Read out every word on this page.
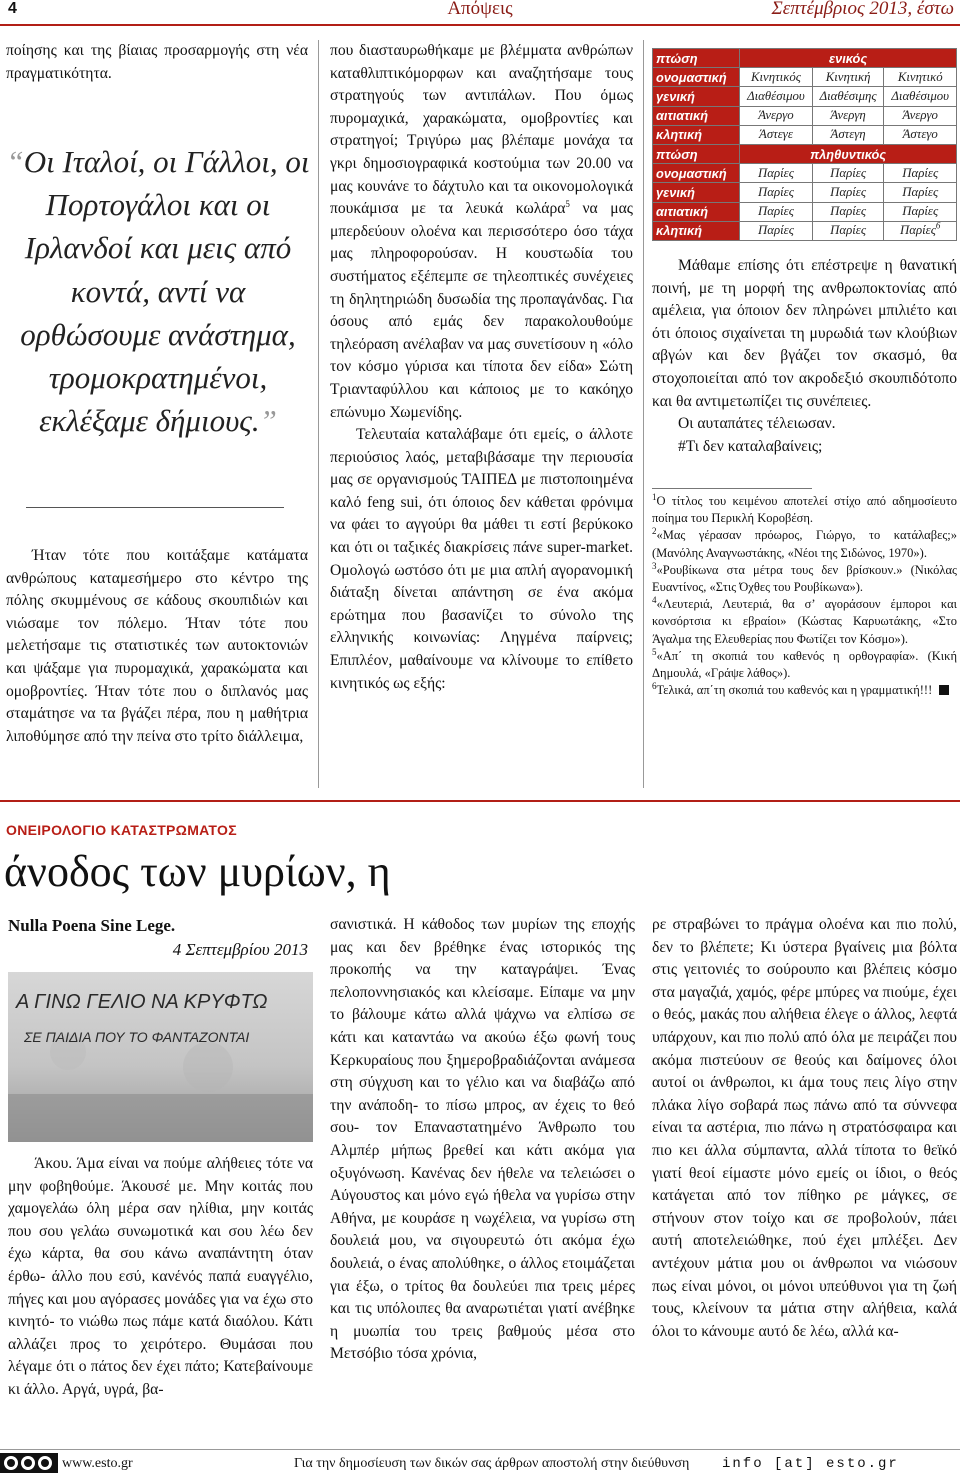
4	Απόψεις	Σεπτέμβριος 2013, έστω

ποίησης και της βίαιας προσαρμογής στη νέα πραγματικότητα.

“Οι Ιταλοί, οι Γάλλοι, οι Πορτογάλοι και οι Ιρλανδοί και μεις από κοντά, αντί να ορθώσουμε ανάστημα, τρομοκρατημένοι, εκλέξαμε δήμιους.”

Ήταν τότε που κοιτάξαμε κατάματα ανθρώπους καταμεσήμερο στο κέντρο της πόλης σκυμμένους σε κάδους σκουπιδιών και νιώσαμε τον πόλεμο. Ήταν τότε που μελετήσαμε τις στατιστικές των αυτοκτονιών και ψάξαμε για πυρομαχικά, χαρακώματα και ομοβροντίες. Ήταν τότε που ο διπλανός μας σταμάτησε να τα βγάζει πέρα, που η μαθήτρια λιποθύμησε από την πείνα στο τρίτο διάλλειμα,

που διασταυρωθήκαμε με βλέμματα ανθρώπων καταθλιπτικόμορφων και αναζητήσαμε τους στρατηγούς των αντιπάλων. Που όμως πυρομαχικά, χαρακώματα, ομοβροντίες και στρατηγοί; Τριγύρω μας βλέπαμε μονάχα τα γκρι δημοσιογραφικά κοστούμια των 20.00 να μας κουνάνε το δάχτυλο και τα οικονομολογικά πουκάμισα με τα λευκά κωλάρα$^5$ να μας μπερδεύουν ολοένα και περισσότερο όσο τάχα μας πληροφορούσαν. Η κουστωδία του συστήματος εξέπεμπε σε τηλεοπτικές συνέχειες τη δηλητηριώδη δυσωδία της προπαγάνδας. Για όσους από εμάς δεν παρακολουθούμε τηλεόραση ανέλαβαν να μας συνετίσουν η «όλο τον κόσμο γύρισα και τίποτα δεν είδα» Σώτη Τριανταφύλλου και κάποιος με το κακόηχο επώνυμο Χωμενίδης.

Τελευταία καταλάβαμε ότι εμείς, ο άλλοτε περιούσιος λαός, μεταβιβάσαμε την περιουσία μας σε οργανισμούς ΤΑΙΠΕΔ με πιστοποιημένα καλό feng sui, ότι όποιος δεν κάθεται φρόνιμα να φάει το αγγούρι θα μάθει τι εστί βερύκοκο και ότι οι ταξικές διακρίσεις πάνε super-market. Ομολογώ ωστόσο ότι με μια απλή αγορανομική διάταξη δίνεται απάντηση σε ένα ακόμα ερώτημα που βασανίζει το σύνολο της ελληνικής κοινωνίας: Ληγμένα παίρνεις; Επιπλέον, μαθαίνουμε να κλίνουμε το επίθετο κινητικός ως εξής:

πτώση	ενικός		
ονομαστική	Κινητικός	Κινητική	Κινητικό
γενική	Διαθέσιμου	Διαθέσιμης	Διαθέσιμου
αιτιατική	Άνεργο	Άνεργη	Άνεργο
κλητική	Άστεγε	Άστεγη	Άστεγο
πτώση	πληθυντικός		
ονομαστική	Παρίες	Παρίες	Παρίες
γενική	Παρίες	Παρίες	Παρίες
αιτιατική	Παρίες	Παρίες	Παρίες
κλητική	Παρίες	Παρίες	Παρίες$^6$

Μάθαμε επίσης ότι επέστρεψε η θανατική ποινή, με τη μορφή της ανθρωποκτονίας από αμέλεια, για όποιον δεν πληρώνει μπιλιέτο και ότι όποιος σιχαίνεται τη μυρωδιά των κλούβιων αβγών και δεν βγάζει τον σκασμό, θα στοχοποιείται από τον ακροδεξιό σκουπιδότοπο και θα αντιμετωπίζει τις συνέπειες.

Οι αυταπάτες τέλειωσαν.

#Τι δεν καταλαβαίνεις;

$^1$Ο τίτλος του κειμένου αποτελεί στίχο από αδημοσίευτο ποίημα του Περικλή Κοροβέση.

$^2$«Μας γέρασαν πρόωρος, Γιώργο, το κατάλαβες;» (Μανόλης Αναγνωστάκης, «Νέοι της Σιδώνος, 1970»).

$^3$«Ρουβίκωνα στα μέτρα τους δεν βρίσκουν.» (Νικόλας Ευαντίνος, «Στις Όχθες του Ρουβίκωνα»).

$^4$«Λευτεριά, Λευτεριά, θα σ’ αγοράσουν έμποροι και κονσόρτσια κι εβραίοι» (Κώστας Καρυωτάκης, «Στο Άγαλμα της Ελευθερίας που Φωτίζει τον Κόσμο»).

$^5$«Απ΄ τη σκοπιά του καθενός η ορθογραφία». (Κική Δημουλά, «Γράψε λάθος»).

$^6$Τελικά, απ΄τη σκοπιά του καθενός και η γραμματική!!!

ΟΝΕΙΡΟΛΟΓΙΟ ΚΑΤΑΣΤΡΩΜΑΤΟΣ
άνοδος των μυρίων, η
Nulla Poena Sine Lege.
4 Σεπτεμβρίου 2013
Α ΓΙΝΩ ΓΕΛΙΟ ΝΑ ΚΡΥΦΤΩ
ΣΕ ΠΑΙΔΙΑ ΠΟΥ ΤΟ ΦΑΝΤΑΖΟΝΤΑΙ

Άκου. Άμα είναι να πούμε αλήθειες τότε να μην φοβηθούμε. Άκουσέ με. Μην κοιτάς που χαμογελάω όλη μέρα σαν ηλίθια, μην κοιτάς που σου γελάω συνωμοτικά και σου λέω δεν έχω κάρτα, θα σου κάνω αναπάντητη όταν έρθω- άλλο που εσύ, κανένός παπά ευαγγέλιο, πήγες και μου αγόρασες μονάδες για να έχω στο κινητό- το νιώθω πως πάμε κατά διαόλου. Κάτι αλλάζει προς το χειρότερο. Θυμάσαι που λέγαμε ότι ο πάτος δεν έχει πάτο; Κατεβαίνουμε κι άλλο. Αργά, υγρά, βα-

σανιστικά. Η κάθοδος των μυρίων της εποχής μας και δεν βρέθηκε ένας ιστορικός της προκοπής να την καταγράψει. Ένας πελοποννησιακός και κλείσαμε. Είπαμε να μην το βάλουμε κάτω αλλά ψάχνω να ελπίσω σε κάτι και καταντάω να ακούω έξω φωνή τους Κερκυραίους που ξημεροβραδιάζονται ανάμεσα στη σύγχυση και το γέλιο και να διαβάζω από την ανάποδη- το πίσω μπρος, αν έχεις το θεό σου- τον Επαναστατημένο Άνθρωπο του Αλμπέρ μήπως βρεθεί και κάτι ακόμα για οξυγόνωση. Κανένας δεν ήθελε να τελειώσει ο Αύγουστος και μόνο εγώ ήθελα να γυρίσω στην Αθήνα, με κουράσε η νωχέλεια, να γυρίσω στη δουλειά μου, να σιγουρευτώ ότι ακόμα έχω δουλειά, ο ένας απολύθηκε, ο άλλος ετοιμάζεται για έξω, ο τρίτος θα δουλεύει πια τρεις μέρες και τις υπόλοιπες θα αναρωτιέται γιατί ανέβηκε η μυωπία του τρεις βαθμούς μέσα στο Μετσόβιο τόσα χρόνια,

ρε στραβώνει το πράγμα ολοένα και πιο πολύ, δεν το βλέπετε; Κι ύστερα βγαίνεις μια βόλτα στις γειτονιές το σούρουπο και βλέπεις κόσμο στα μαγαζιά, χαμός, φέρε μπύρες να πιούμε, έχει ο θεός, μακάς που αλήθεια έλεγε ο άλλος, λεφτά υπάρχουν, και πιο πολύ από όλα με πειράζει που ακόμα πιστεύουν σε θεούς και δαίμονες όλοι αυτοί οι άνθρωποι, κι άμα τους πεις λίγο στην πλάκα λίγο σοβαρά πως πάνω από τα σύννεφα είναι τα αστέρια, πιο πάνω η στρατόσφαιρα και πιο κει άλλα σύμπαντα, αλλά τίποτα το θεϊκό γιατί θεοί είμαστε μόνο εμείς οι ίδιοι, ο θεός κατάγεται από τον πίθηκο ρε μάγκες, σε στήνουν στον τοίχο και σε προβολούν, πάει αυτή αποτελειώθηκε, πού έχει μπλέξει. Δεν αντέχουν μάτια μου οι άνθρωποι να νιώσουν πως είναι μόνοι, οι μόνοι υπεύθυνοι για τη ζωή τους, κλείνουν τα μάτια στην αλήθεια, καλά όλοι το κάνουμε αυτό δε λέω, αλλά κα-

www.esto.gr	Για την δημοσίευση των δικών σας άρθρων αποστολή στην διεύθυνση info [at] esto.gr
